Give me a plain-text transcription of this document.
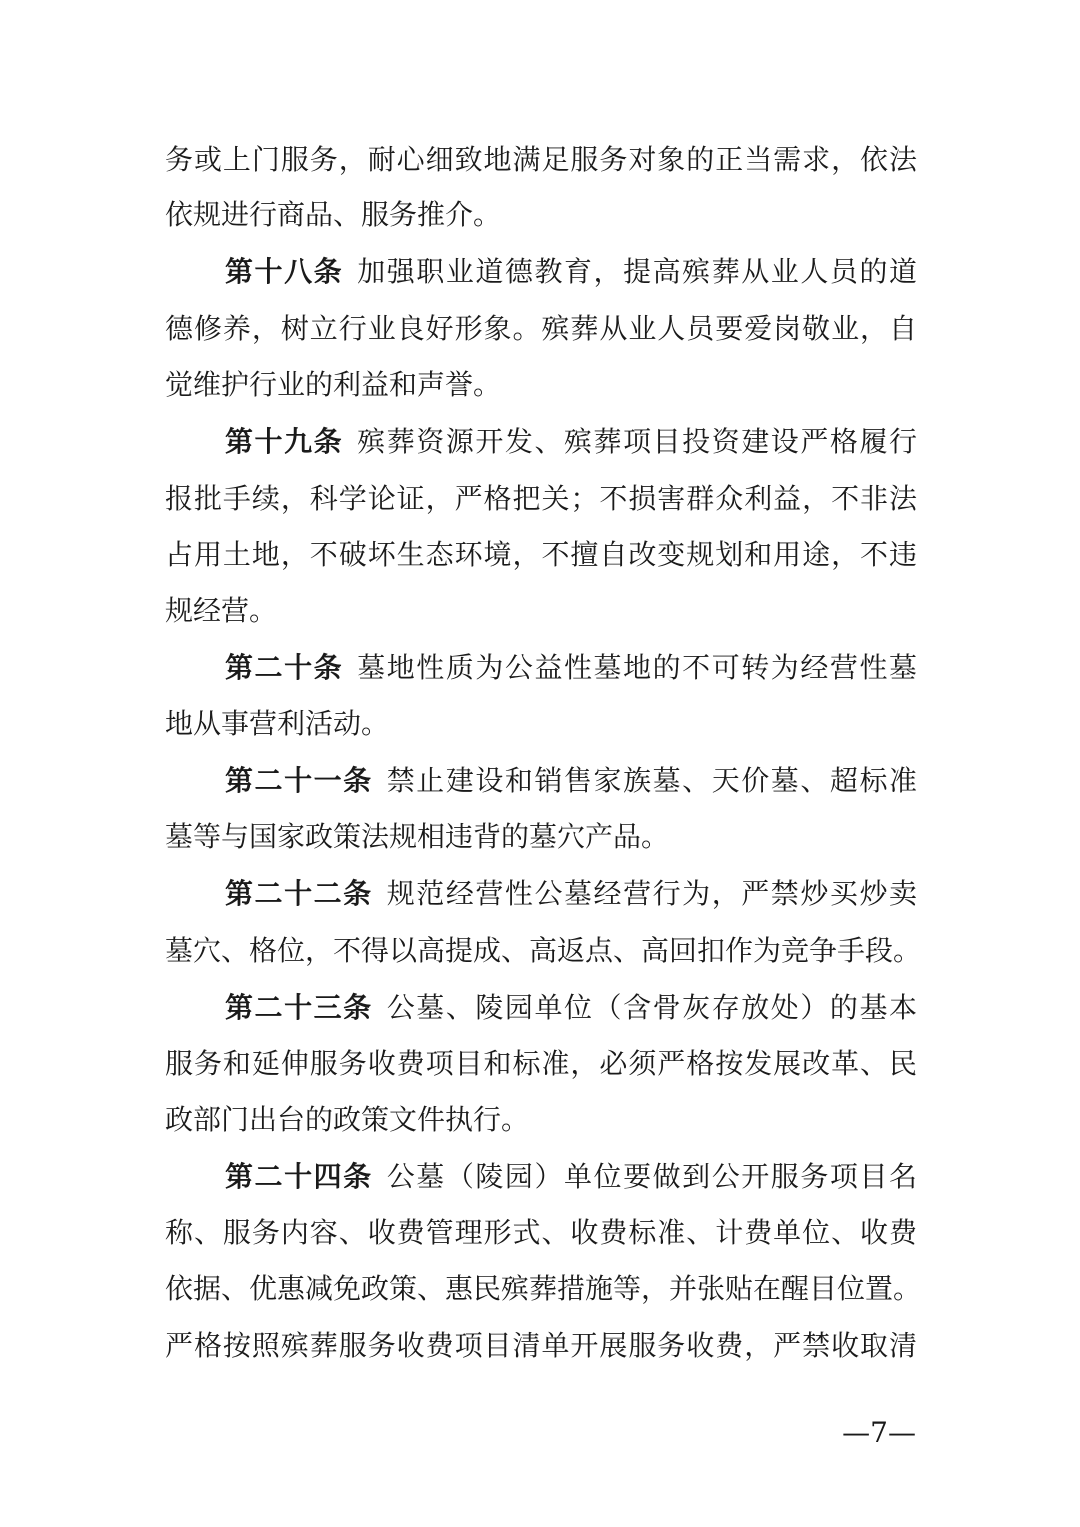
务或上门服务，耐心细致地满足服务对象的正当需求，依法
依规进行商品、服务推介。
第十八条 加强职业道德教育，提高殡葬从业人员的道
德修养，树立行业良好形象。殡葬从业人员要爱岗敬业，自
觉维护行业的利益和声誉。
第十九条 殡葬资源开发、殡葬项目投资建设严格履行
报批手续，科学论证，严格把关；不损害群众利益，不非法
占用土地，不破坏生态环境，不擅自改变规划和用途，不违
规经营。
第二十条 墓地性质为公益性墓地的不可转为经营性墓
地从事营利活动。
第二十一条 禁止建设和销售家族墓、天价墓、超标准
墓等与国家政策法规相违背的墓穴产品。
第二十二条 规范经营性公墓经营行为，严禁炒买炒卖
墓穴、格位，不得以高提成、高返点、高回扣作为竞争手段。
第二十三条 公墓、陵园单位（含骨灰存放处）的基本
服务和延伸服务收费项目和标准，必须严格按发展改革、民
政部门出台的政策文件执行。
第二十四条 公墓（陵园）单位要做到公开服务项目名
称、服务内容、收费管理形式、收费标准、计费单位、收费
依据、优惠减免政策、惠民殡葬措施等，并张贴在醒目位置。
严格按照殡葬服务收费项目清单开展服务收费，严禁收取清
—7—
